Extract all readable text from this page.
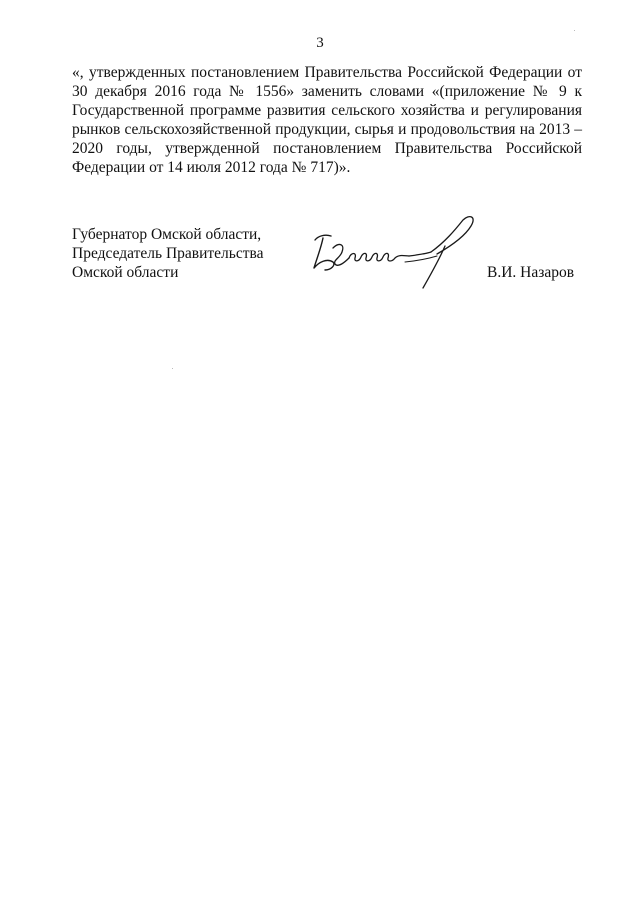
3

«, утвержденных постановлением Правительства Российской Федерации от 30 декабря 2016 года № 1556» заменить словами «(приложение № 9 к Государственной программе развития сельского хозяйства и регулирования рынков сельскохозяйственной продукции, сырья и продовольствия на 2013 – 2020 годы, утвержденной постановлением Правительства Российской Федерации от 14 июля 2012 года № 717)».

Губернатор Омской области,
Председатель Правительства
Омской области	В.И. Назаров
